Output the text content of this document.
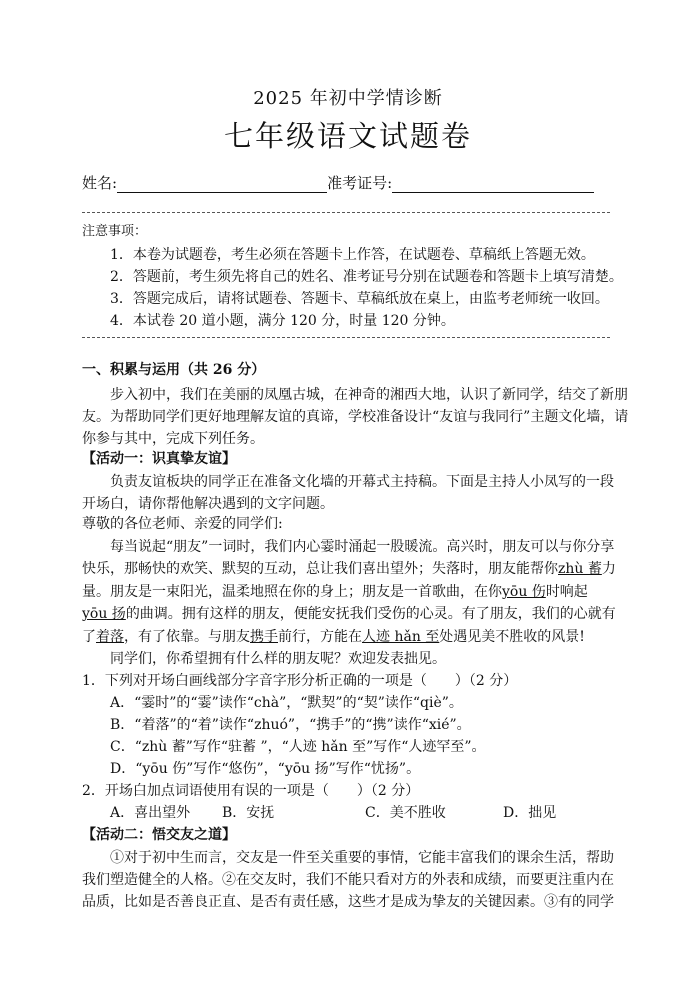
2025 年初中学情诊断
七年级语文试题卷
姓名:	准考证号:
注意事项：
1．本卷为试题卷，考生必须在答题卡上作答，在试题卷、草稿纸上答题无效。
2．答题前，考生须先将自己的姓名、准考证号分别在试题卷和答题卡上填写清楚。
3．答题完成后，请将试题卷、答题卡、草稿纸放在桌上，由监考老师统一收回。
4．本试卷 20 道小题，满分 120 分，时量 120 分钟。
一、积累与运用（共 26 分）
步入初中，我们在美丽的凤凰古城，在神奇的湘西大地，认识了新同学，结交了新朋
友。为帮助同学们更好地理解友谊的真谛，学校准备设计“友谊与我同行”主题文化墙，请
你参与其中，完成下列任务。
【活动一：识真挚友谊】
负责友谊板块的同学正在准备文化墙的开幕式主持稿。下面是主持人小凤写的一段
开场白，请你帮他解决遇到的文字问题。
尊敬的各位老师、亲爱的同学们:
每当说起“朋友”一词时，我们内心霎时涌起一股暖流。高兴时，朋友可以与你分享
快乐，那畅快的欢笑、默契的互动，总让我们喜出望外；失落时，朋友能帮你zhù 蓄力
量。朋友是一束阳光，温柔地照在你的身上；朋友是一首歌曲，在你yōu 伤时响起
yōu 扬的曲调。拥有这样的朋友，便能安抚我们受伤的心灵。有了朋友，我们的心就有
了着落，有了依靠。与朋友携手前行，方能在人迹 hǎn 至处遇见美不胜收的风景!
同学们，你希望拥有什么样的朋友呢？欢迎发表拙见。
1．下列对开场白画线部分字音字形分析正确的一项是（　　）（2 分）
A．“霎时”的“霎”读作“chà”，“默契”的“契”读作“qiè”。
B．“着落”的“着”读作“zhuó”，“携手”的“携”读作“xié”。
C．“zhù 蓄”写作“驻蓄 ”，“人迹 hǎn 至”写作“人迹罕至”。
D．“yōu 伤”写作“悠伤”，“yōu 扬”写作“忧扬”。
2．开场白加点词语使用有误的一项是（　　）（2 分）
A．喜出望外 B．安抚	C．美不胜收	D．拙见
【活动二：悟交友之道】
①对于初中生而言，交友是一件至关重要的事情，它能丰富我们的课余生活，帮助
我们塑造健全的人格。②在交友时，我们不能只看对方的外表和成绩，而要更注重内在
品质，比如是否善良正直、是否有责任感，这些才是成为挚友的关键因素。③有的同学
